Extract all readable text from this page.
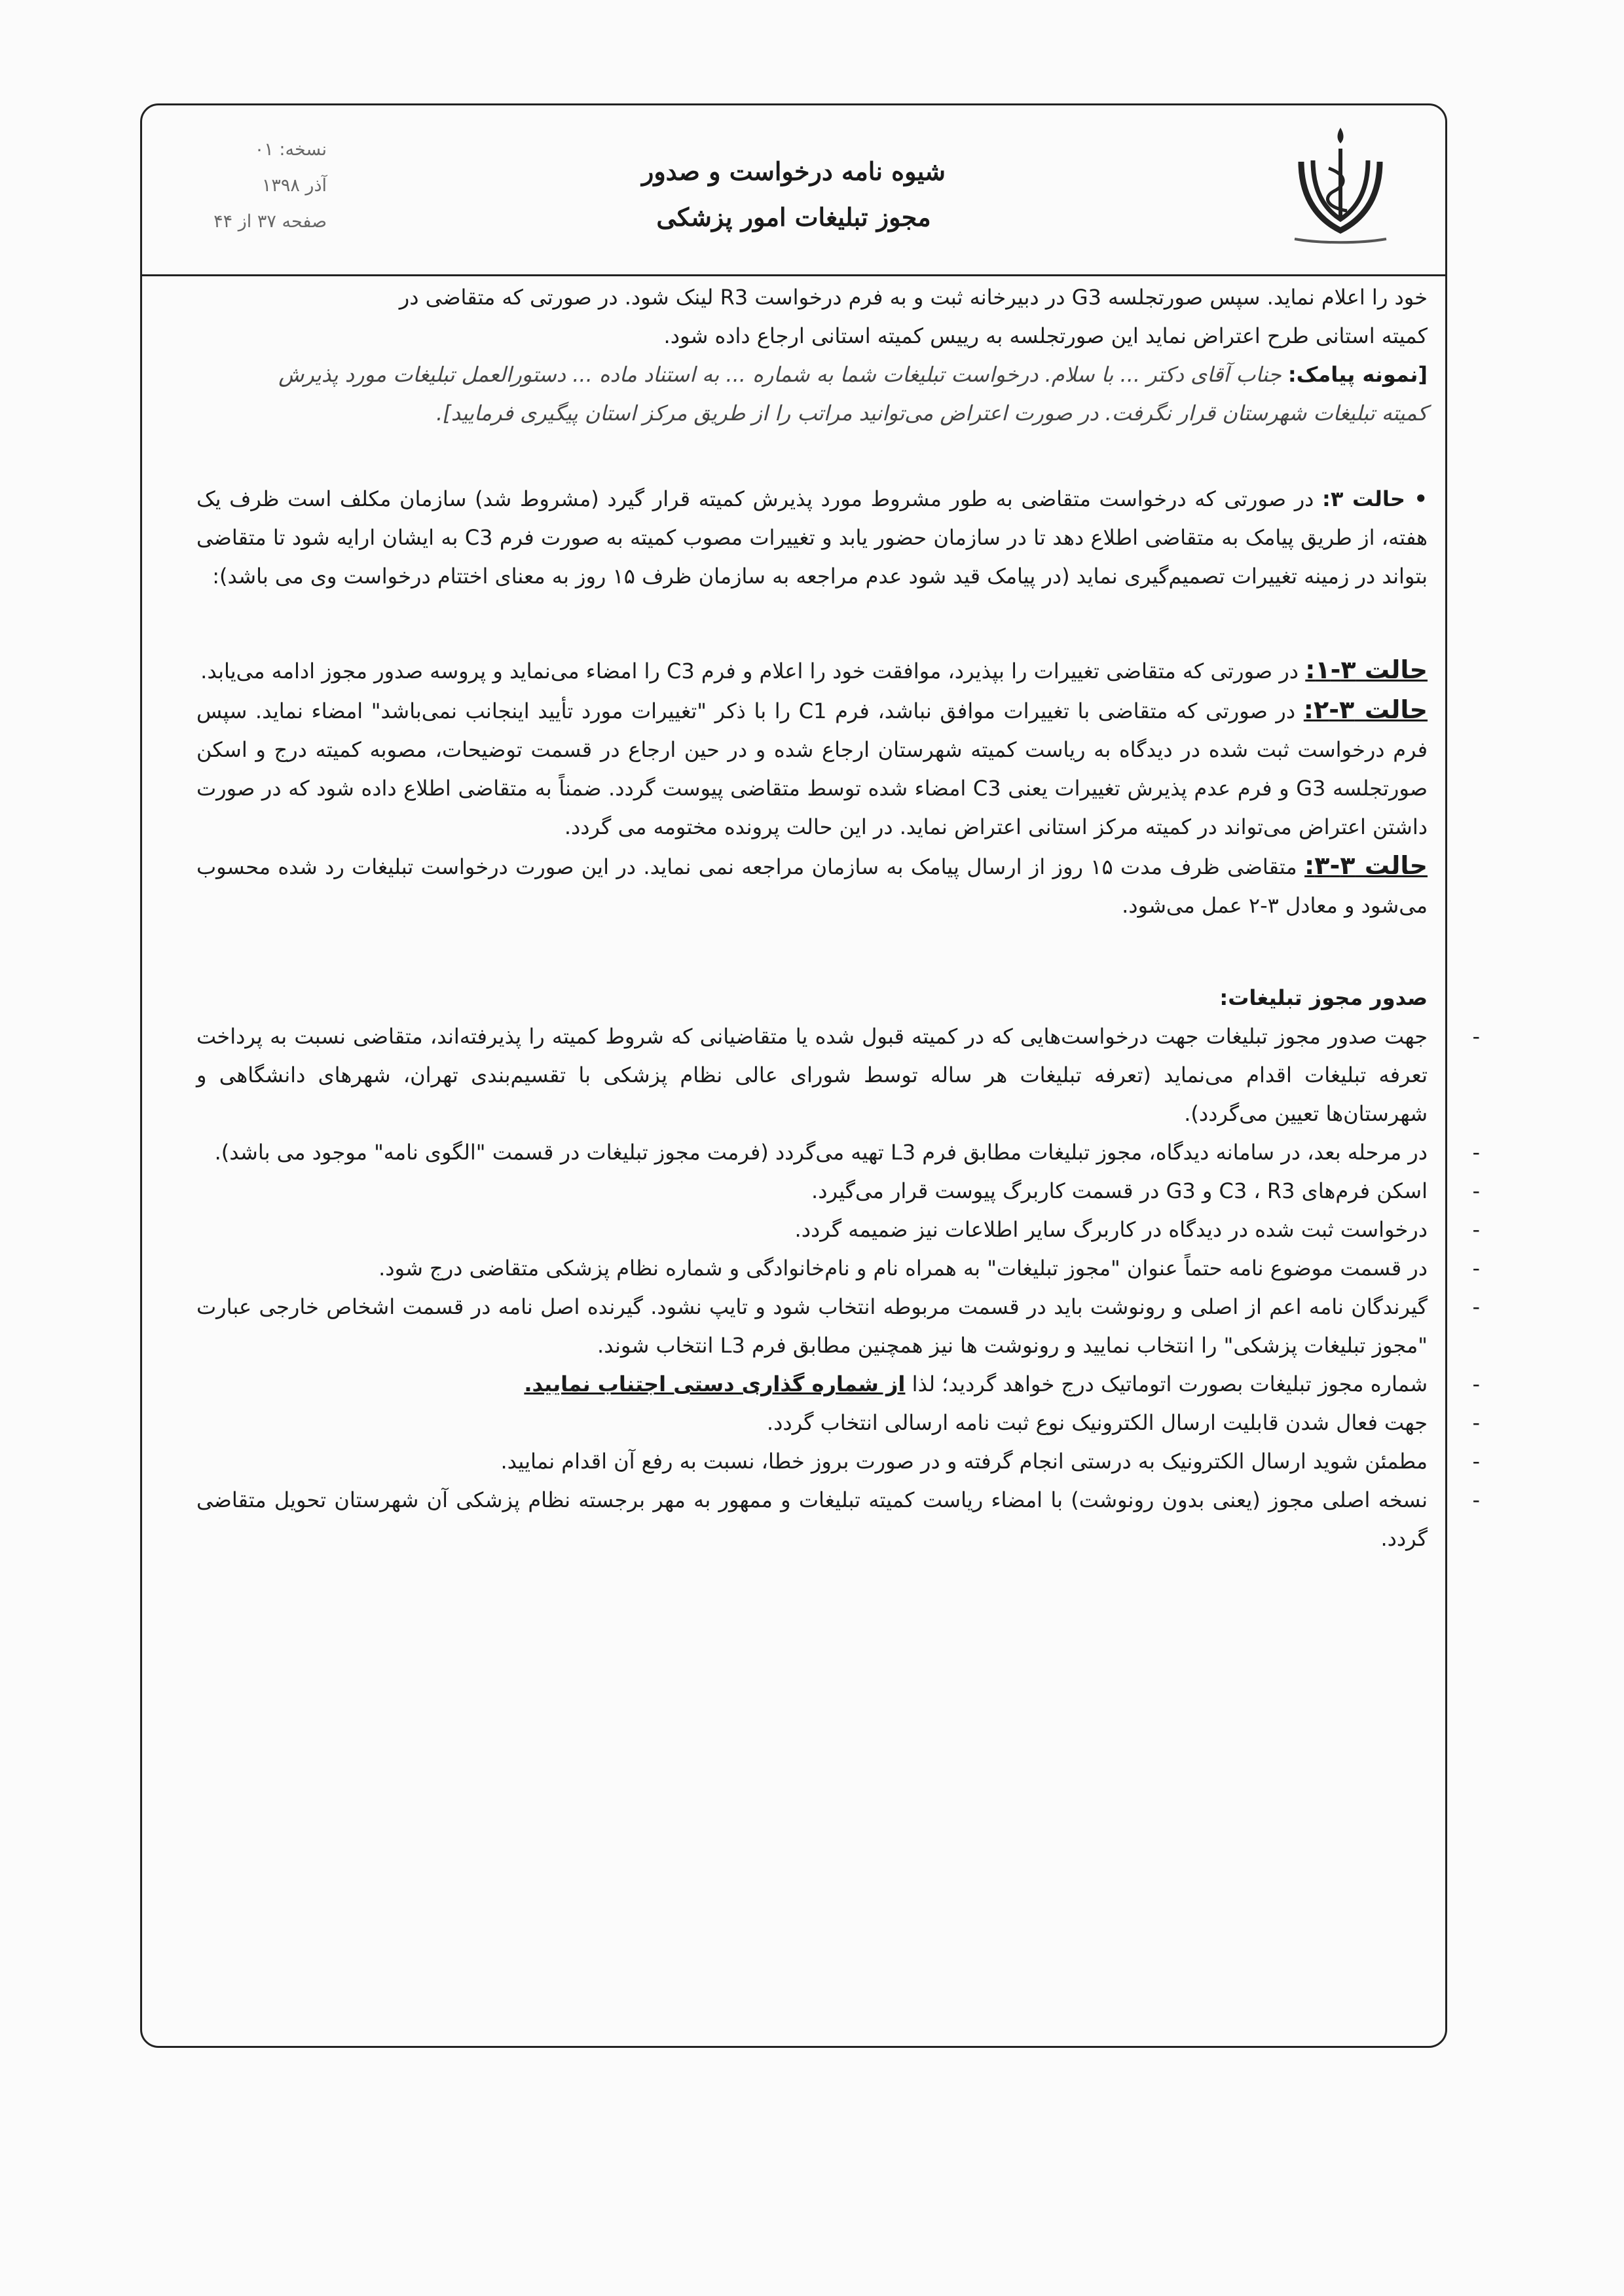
نسخه: ۰۱
آذر ۱۳۹۸
صفحه ۳۷ از ۴۴
شیوه نامه درخواست و صدور
مجوز تبلیغات امور پزشکی

خود را اعلام نماید. سپس صورتجلسه G3 در دبیرخانه ثبت و به فرم درخواست R3 لینک شود. در صورتی که متقاضی در

کمیته استانی طرح اعتراض نماید این صورتجلسه به رییس کمیته استانی ارجاع داده شود.

[نمونه پیامک: جناب آقای دکتر ... با سلام. درخواست تبلیغات شما به شماره ... به استناد ماده ... دستورالعمل تبلیغات مورد پذیرش

کمیته تبلیغات شهرستان قرار نگرفت. در صورت اعتراض می‌توانید مراتب را از طریق مرکز استان پیگیری فرمایید].

• حالت ۳: در صورتی که درخواست متقاضی به طور مشروط مورد پذیرش کمیته قرار گیرد (مشروط شد) سازمان مکلف است ظرف یک هفته، از طریق پیامک به متقاضی اطلاع دهد تا در سازمان حضور یابد و تغییرات مصوب کمیته به صورت فرم C3 به ایشان ارایه شود تا متقاضی بتواند در زمینه تغییرات تصمیم‌گیری نماید (در پیامک قید شود عدم مراجعه به سازمان ظرف ۱۵ روز به معنای اختتام درخواست وی می باشد):

حالت ۳-۱: در صورتی که متقاضی تغییرات را بپذیرد، موافقت خود را اعلام و فرم C3 را امضاء می‌نماید و پروسه صدور مجوز ادامه می‌یابد.

حالت ۳-۲: در صورتی که متقاضی با تغییرات موافق نباشد، فرم C1 را با ذکر "تغییرات مورد تأیید اینجانب نمی‌باشد" امضاء نماید. سپس فرم درخواست ثبت شده در دیدگاه به ریاست کمیته شهرستان ارجاع شده و در حین ارجاع در قسمت توضیحات، مصوبه کمیته درج و اسکن صورتجلسه G3 و فرم عدم پذیرش تغییرات یعنی C3 امضاء شده توسط متقاضی پیوست گردد. ضمناً به متقاضی اطلاع داده شود که در صورت داشتن اعتراض می‌تواند در کمیته مرکز استانی اعتراض نماید. در این حالت پرونده مختومه می گردد.

حالت ۳-۳: متقاضی ظرف مدت ۱۵ روز از ارسال پیامک به سازمان مراجعه نمی نماید. در این صورت درخواست تبلیغات رد شده محسوب می‌شود و معادل ۳-۲ عمل می‌شود.

صدور مجوز تبلیغات:

-
جهت صدور مجوز تبلیغات جهت درخواست‌هایی که در کمیته قبول شده یا متقاضیانی که شروط کمیته را پذیرفته‌اند، متقاضی نسبت به پرداخت تعرفه تبلیغات اقدام می‌نماید (تعرفه تبلیغات هر ساله توسط شورای عالی نظام پزشکی با تقسیم‌بندی تهران، شهرهای دانشگاهی و شهرستان‌ها تعیین می‌گردد).
-
در مرحله بعد، در سامانه دیدگاه، مجوز تبلیغات مطابق فرم L3 تهیه می‌گردد (فرمت مجوز تبلیغات در قسمت "الگوی نامه" موجود می باشد).
-
اسکن فرم‌های C3 ، R3 و G3 در قسمت کاربرگ پیوست قرار می‌گیرد.
-
درخواست ثبت شده در دیدگاه در کاربرگ سایر اطلاعات نیز ضمیمه گردد.
-
در قسمت موضوع نامه حتماً عنوان "مجوز تبلیغات" به همراه نام و نام‌خانوادگی و شماره نظام پزشکی متقاضی درج شود.
-
گیرندگان نامه اعم از اصلی و رونوشت باید در قسمت مربوطه انتخاب شود و تایپ نشود. گیرنده اصل نامه در قسمت اشخاص خارجی عبارت "مجوز تبلیغات پزشکی" را انتخاب نمایید و رونوشت ها نیز همچنین مطابق فرم L3 انتخاب شوند.
-
شماره مجوز تبلیغات بصورت اتوماتیک درج خواهد گردید؛ لذا از شماره گذاری دستی اجتناب نمایید.
-
جهت فعال شدن قابلیت ارسال الکترونیک نوع ثبت نامه ارسالی انتخاب گردد.
-
مطمئن شوید ارسال الکترونیک به درستی انجام گرفته و در صورت بروز خطا، نسبت به رفع آن اقدام نمایید.
-
نسخه اصلی مجوز (یعنی بدون رونوشت) با امضاء ریاست کمیته تبلیغات و ممهور به مهر برجسته نظام پزشکی آن شهرستان تحویل متقاضی گردد.
